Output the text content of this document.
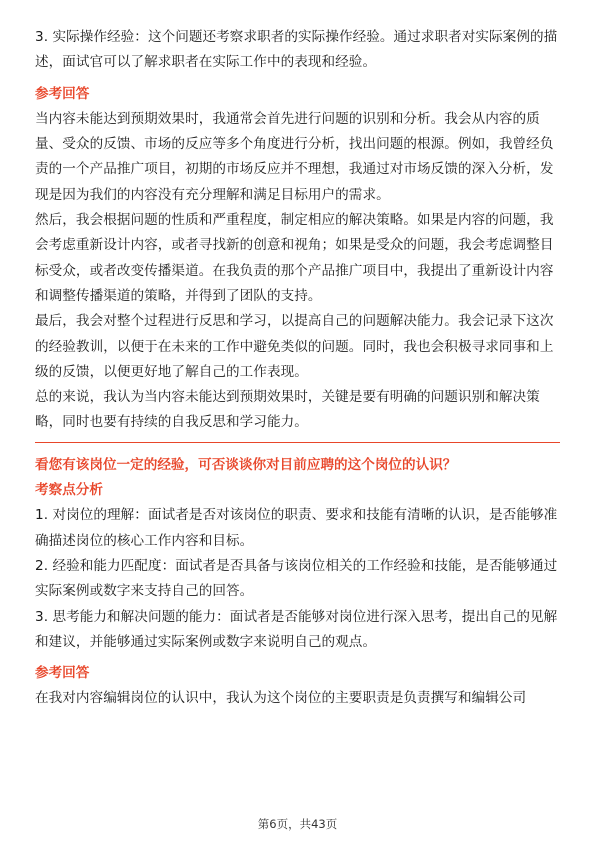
3. 实际操作经验：这个问题还考察求职者的实际操作经验。通过求职者对实际案例的描述，面试官可以了解求职者在实际工作中的表现和经验。

参考回答

当内容未能达到预期效果时，我通常会首先进行问题的识别和分析。我会从内容的质量、受众的反馈、市场的反应等多个角度进行分析，找出问题的根源。例如，我曾经负责的一个产品推广项目，初期的市场反应并不理想，我通过对市场反馈的深入分析，发现是因为我们的内容没有充分理解和满足目标用户的需求。

然后，我会根据问题的性质和严重程度，制定相应的解决策略。如果是内容的问题，我会考虑重新设计内容，或者寻找新的创意和视角；如果是受众的问题，我会考虑调整目标受众，或者改变传播渠道。在我负责的那个产品推广项目中，我提出了重新设计内容和调整传播渠道的策略，并得到了团队的支持。

最后，我会对整个过程进行反思和学习，以提高自己的问题解决能力。我会记录下这次的经验教训，以便于在未来的工作中避免类似的问题。同时，我也会积极寻求同事和上级的反馈，以便更好地了解自己的工作表现。

总的来说，我认为当内容未能达到预期效果时，关键是要有明确的问题识别和解决策略，同时也要有持续的自我反思和学习能力。

看您有该岗位一定的经验，可否谈谈你对目前应聘的这个岗位的认识？
考察点分析

1. 对岗位的理解：面试者是否对该岗位的职责、要求和技能有清晰的认识，是否能够准确描述岗位的核心工作内容和目标。

2. 经验和能力匹配度：面试者是否具备与该岗位相关的工作经验和技能，是否能够通过实际案例或数字来支持自己的回答。

3. 思考能力和解决问题的能力：面试者是否能够对岗位进行深入思考，提出自己的见解和建议，并能够通过实际案例或数字来说明自己的观点。

参考回答

在我对内容编辑岗位的认识中，我认为这个岗位的主要职责是负责撰写和编辑公司

第6页，共43页
